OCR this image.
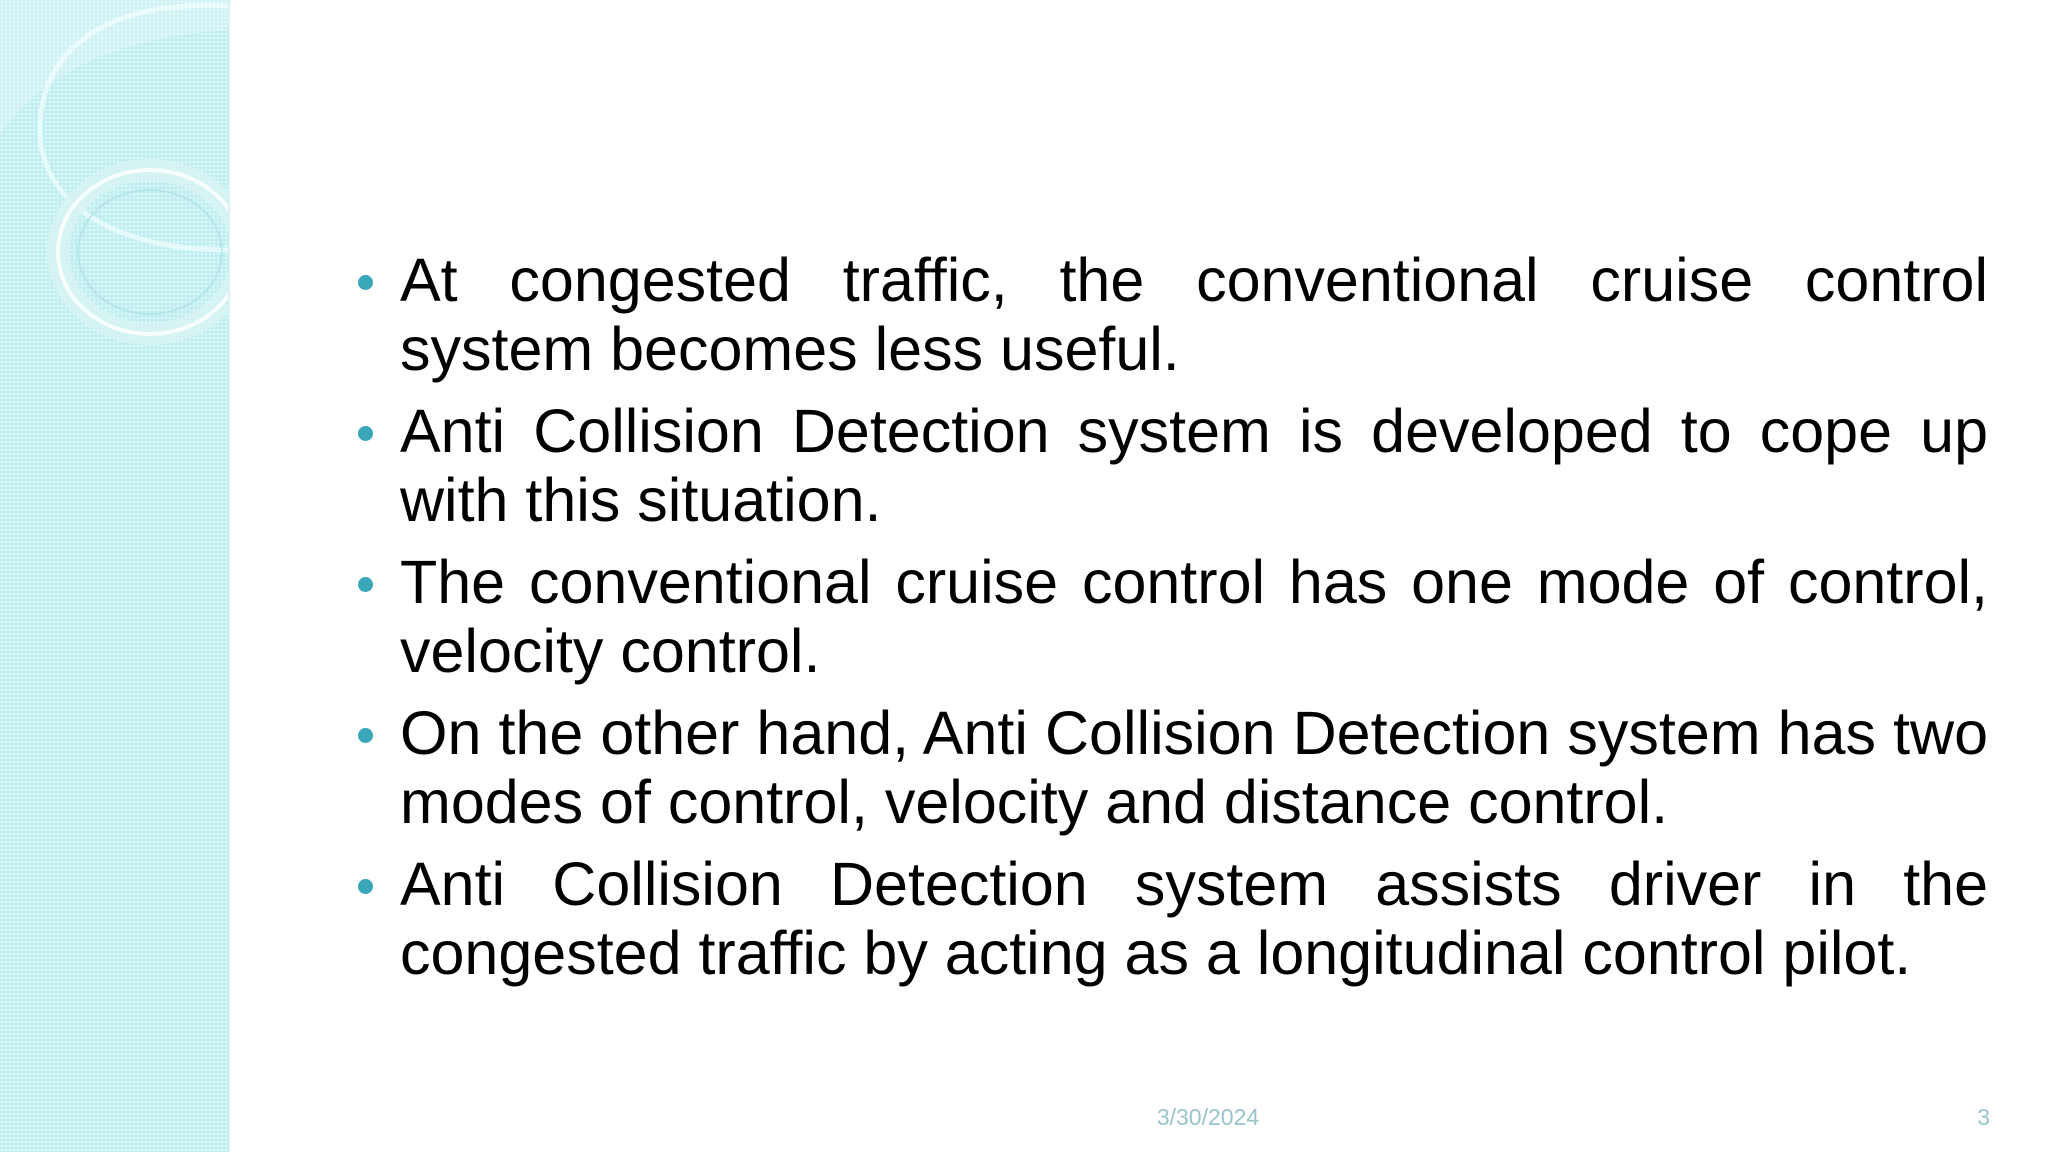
At congested traffic, the conventional cruise control system becomes less useful.
Anti Collision Detection system is developed to cope up with this situation.
The conventional cruise control has one mode of control, velocity control.
On the other hand, Anti Collision Detection system has two modes of control, velocity and distance control.
Anti Collision Detection system assists driver in the congested traffic by acting as a longitudinal control pilot.
3/30/2024	3
